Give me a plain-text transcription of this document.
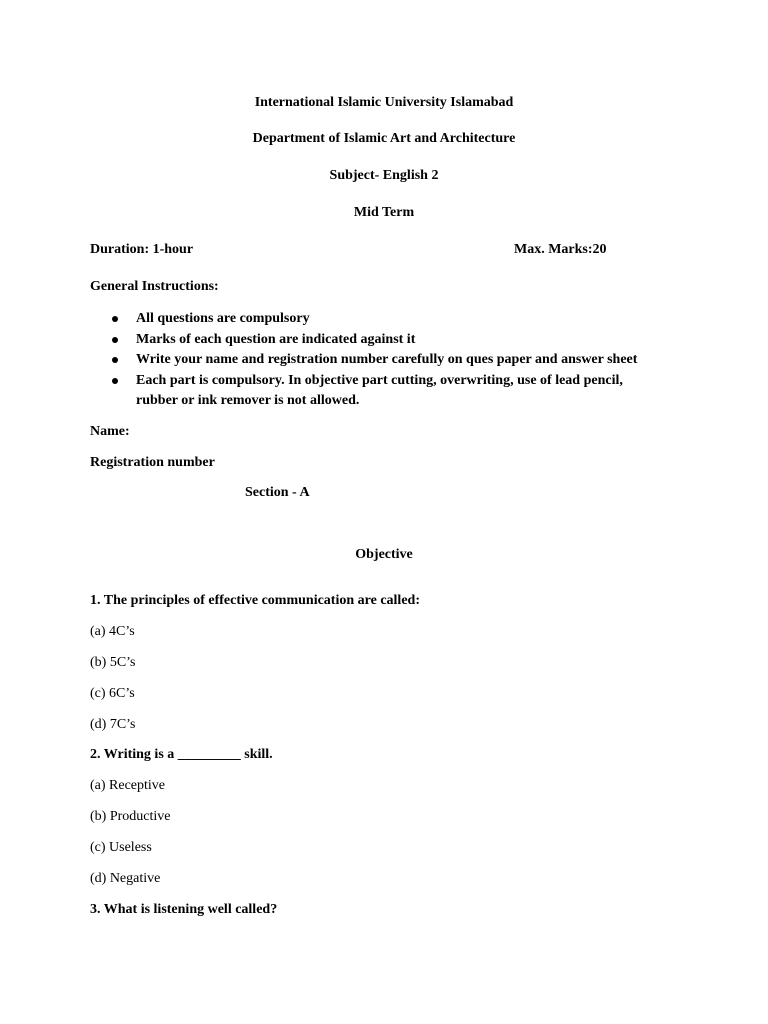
International Islamic University Islamabad
Department of Islamic Art and Architecture
Subject- English 2
Mid Term
Duration: 1-hour	Max. Marks:20
General Instructions:
All questions are compulsory
Marks of each question are indicated against it
Write your name and registration number carefully on ques paper and answer sheet
Each part is compulsory. In objective part cutting, overwriting, use of lead pencil,
rubber or ink remover is not allowed.
Name:
Registration number
Section - A
Objective
1. The principles of effective communication are called:
(a) 4C’s
(b) 5C’s
(c) 6C’s
(d) 7C’s
2. Writing is a _________ skill.
(a) Receptive
(b) Productive
(c) Useless
(d) Negative
3. What is listening well called?
